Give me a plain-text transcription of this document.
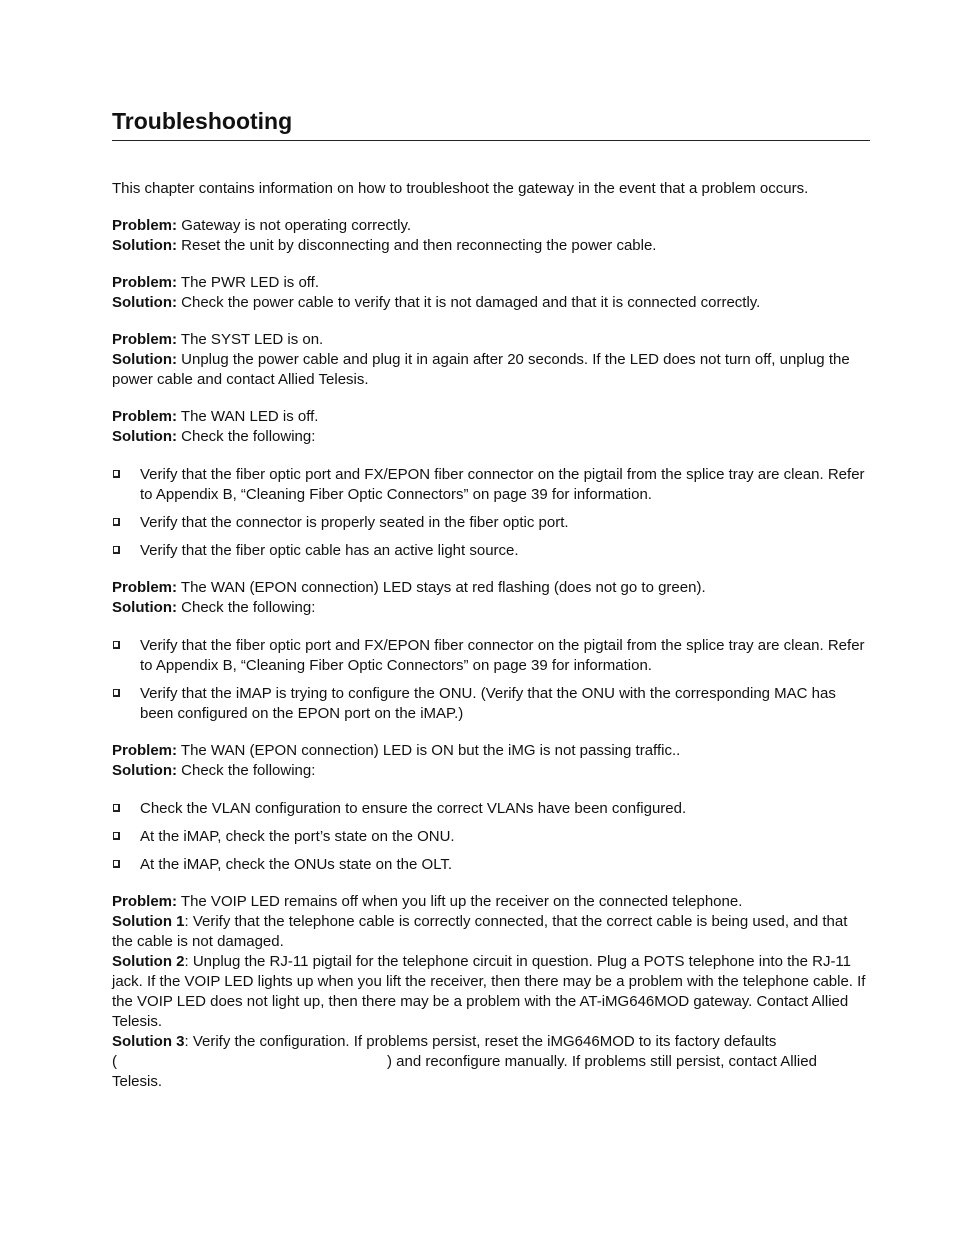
Troubleshooting

This chapter contains information on how to troubleshoot the gateway in the event that a problem occurs.

Problem: Gateway is not operating correctly.

Solution: Reset the unit by disconnecting and then reconnecting the power cable.

Problem: The PWR LED is off.

Solution: Check the power cable to verify that it is not damaged and that it is connected correctly.

Problem: The SYST LED is on.

Solution: Unplug the power cable and plug it in again after 20 seconds. If the LED does not turn off, unplug the power cable and contact Allied Telesis.

Problem: The WAN LED is off.

Solution: Check the following:

Verify that the fiber optic port and FX/EPON fiber connector on the pigtail from the splice tray are clean. Refer to Appendix B, “Cleaning Fiber Optic Connectors” on page 39 for information.
Verify that the connector is properly seated in the fiber optic port.
Verify that the fiber optic cable has an active light source.

Problem: The WAN (EPON connection) LED stays at red flashing (does not go to green).

Solution: Check the following:

Verify that the fiber optic port and FX/EPON fiber connector on the pigtail from the splice tray are clean. Refer to Appendix B, “Cleaning Fiber Optic Connectors” on page 39 for information.
Verify that the iMAP is trying to configure the ONU. (Verify that the ONU with the corresponding MAC has been configured on the EPON port on the iMAP.)

Problem: The WAN (EPON connection) LED is ON but the iMG is not passing traffic..

Solution: Check the following:

Check the VLAN configuration to ensure the correct VLANs have been configured.
At the iMAP, check the port’s state on the ONU.
At the iMAP, check the ONUs state on the OLT.

Problem: The VOIP LED remains off when you lift up the receiver on the connected telephone.

Solution 1: Verify that the telephone cable is correctly connected, that the correct cable is being used, and that the cable is not damaged.

Solution 2: Unplug the RJ-11 pigtail for the telephone circuit in question. Plug a POTS telephone into the RJ-11 jack. If the VOIP LED lights up when you lift the receiver, then there may be a problem with the telephone cable. If the VOIP LED does not light up, then there may be a problem with the AT-iMG646MOD gateway. Contact Allied Telesis.

Solution 3: Verify the configuration. If problems persist, reset the iMG646MOD to its factory defaults
(	) and reconfigure manually. If problems still persist, contact Allied Telesis.
